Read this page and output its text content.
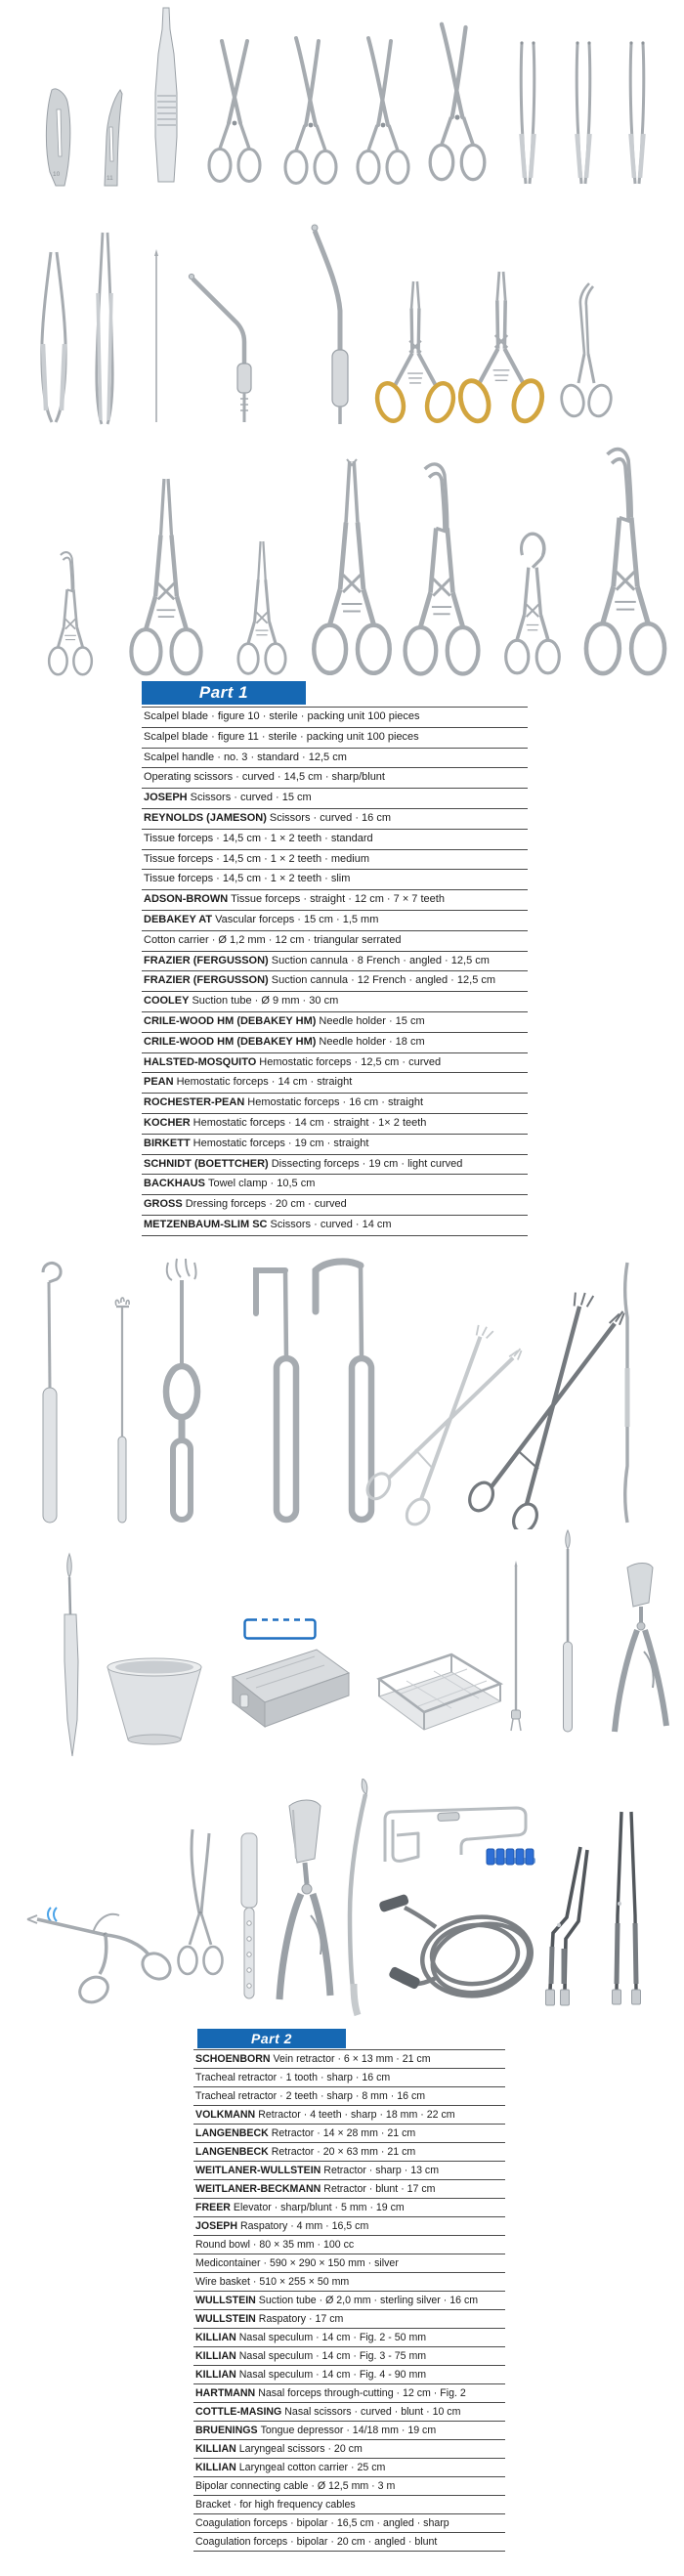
10
11
Part 1
Scalpel blade · figure 10 · sterile · packing unit 100 pieces
Scalpel blade · figure 11 · sterile · packing unit 100 pieces
Scalpel handle · no. 3 · standard · 12,5 cm
Operating scissors · curved · 14,5 cm · sharp/blunt
JOSEPH Scissors · curved · 15 cm
REYNOLDS (JAMESON) Scissors · curved · 16 cm
Tissue forceps · 14,5 cm · 1 × 2 teeth · standard
Tissue forceps · 14,5 cm · 1 × 2 teeth · medium
Tissue forceps · 14,5 cm · 1 × 2 teeth · slim
ADSON-BROWN Tissue forceps · straight · 12 cm · 7 × 7 teeth
DEBAKEY AT Vascular forceps · 15 cm · 1,5 mm
Cotton carrier · Ø 1,2 mm · 12 cm · triangular serrated
FRAZIER (FERGUSSON) Suction cannula · 8 French · angled · 12,5 cm
FRAZIER (FERGUSSON) Suction cannula · 12 French · angled · 12,5 cm
COOLEY Suction tube · Ø 9 mm · 30 cm
CRILE-WOOD HM (DEBAKEY HM) Needle holder · 15 cm
CRILE-WOOD HM (DEBAKEY HM) Needle holder · 18 cm
HALSTED-MOSQUITO Hemostatic forceps · 12,5 cm · curved
PEAN Hemostatic forceps · 14 cm · straight
ROCHESTER-PEAN Hemostatic forceps · 16 cm · straight
KOCHER Hemostatic forceps · 14 cm · straight · 1× 2 teeth
BIRKETT Hemostatic forceps · 19 cm · straight
SCHNIDT (BOETTCHER) Dissecting forceps · 19 cm · light curved
BACKHAUS Towel clamp · 10,5 cm
GROSS Dressing forceps · 20 cm · curved
METZENBAUM-SLIM SC Scissors · curved · 14 cm
Part 2
SCHOENBORN Vein retractor · 6 × 13 mm · 21 cm
Tracheal retractor · 1 tooth · sharp · 16 cm
Tracheal retractor · 2 teeth · sharp · 8 mm · 16 cm
VOLKMANN Retractor · 4 teeth · sharp · 18 mm · 22 cm
LANGENBECK Retractor · 14 × 28 mm · 21 cm
LANGENBECK Retractor · 20 × 63 mm · 21 cm
WEITLANER-WULLSTEIN Retractor · sharp · 13 cm
WEITLANER-BECKMANN Retractor · blunt · 17 cm
FREER Elevator · sharp/blunt · 5 mm · 19 cm
JOSEPH Raspatory · 4 mm · 16,5 cm
Round bowl · 80 × 35 mm · 100 cc
Medicontainer · 590 × 290 × 150 mm · silver
Wire basket · 510 × 255 × 50 mm
WULLSTEIN Suction tube · Ø 2,0 mm · sterling silver · 16 cm
WULLSTEIN Raspatory · 17 cm
KILLIAN Nasal speculum · 14 cm · Fig. 2 - 50 mm
KILLIAN Nasal speculum · 14 cm · Fig. 3 - 75 mm
KILLIAN Nasal speculum · 14 cm · Fig. 4 - 90 mm
HARTMANN Nasal forceps through-cutting · 12 cm · Fig. 2
COTTLE-MASING Nasal scissors · curved · blunt · 10 cm
BRUENINGS Tongue depressor · 14/18 mm · 19 cm
KILLIAN Laryngeal scissors · 20 cm
KILLIAN Laryngeal cotton carrier · 25 cm
Bipolar connecting cable · Ø 12,5 mm · 3 m
Bracket · for high frequency cables
Coagulation forceps · bipolar · 16,5 cm · angled · sharp
Coagulation forceps · bipolar · 20 cm · angled · blunt
